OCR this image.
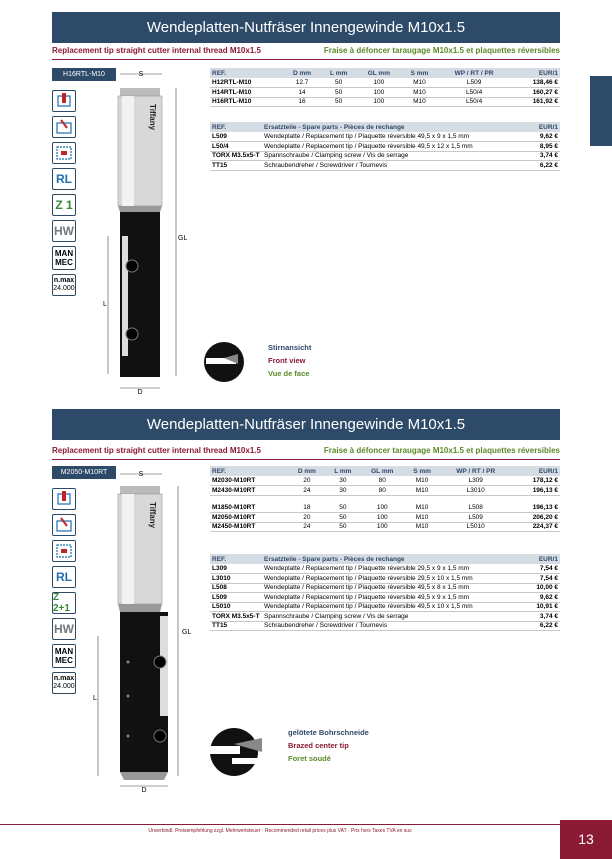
Wendeplatten-Nutfräser Innengewinde M10x1.5
Replacement tip straight cutter internal thread M10x1.5	Fraise à défoncer taraugage M10x1.5 et plaquettes réversibles
H16RTL-M10
RL
Z 1
HW
MAN
MEC
n.max
24.000
S
Tiffany
L
GL
D
Stirnansicht
Front view
Vue de face
REF.	D mm	L mm	GL mm	S mm	WP / RT / PR	EUR/1
H12RTL-M10	12.7	50	100	M10	L509	138,46 €
H14RTL-M10	14	50	100	M10	L50/4	160,27 €
H16RTL-M10	16	50	100	M10	L50/4	161,92 €
REF.	Ersatzteile - Spare parts - Pièces de rechange	EUR/1
L509	Wendeplatte / Replacement tip / Plaquette réversible 49,5 x 9 x 1,5 mm	9,62 €
L50/4	Wendeplatte / Replacement tip / Plaquette réversible 49,5 x 12 x 1,5 mm	8,95 €
TORX M3.5x5-T	Spannschraube / Clamping screw / Vis de serrage	3,74 €
TT15	Schraubendreher / Screwdriver / Tournevis	6,22 €
Wendeplatten-Nutfräser Innengewinde M10x1.5
Replacement tip straight cutter internal thread M10x1.5	Fraise à défoncer taraugage M10x1.5 et plaquettes réversibles
M2050-M10RT
RL
Z 2+1
HW
MAN
MEC
n.max
24.000
S
Tiffany
L
GL
D
gelötete Bohrschneide
Brazed center tip
Foret soudé
REF.	D mm	L mm	GL mm	S mm	WP / RT / PR	EUR/1
M2030-M10RT	20	30	80	M10	L309	178,12 €
M2430-M10RT	24	30	80	M10	L3010	196,13 €

M1850-M10RT	18	50	100	M10	L508	196,13 €
M2050-M10RT	20	50	100	M10	L509	206,20 €
M2450-M10RT	24	50	100	M10	L5010	224,37 €
REF.	Ersatzteile - Spare parts - Pièces de rechange	EUR/1
L309	Wendeplatte / Replacement tip / Plaquette réversible 29,5 x 9 x 1,5 mm	7,54 €
L3010	Wendeplatte / Replacement tip / Plaquette réversible 29,5 x 10 x 1,5 mm	7,54 €
L508	Wendeplatte / Replacement tip / Plaquette réversible 49,5 x 8 x 1,5 mm	10,00 €
L509	Wendeplatte / Replacement tip / Plaquette réversible 49,5 x 9 x 1,5 mm	9,62 €
L5010	Wendeplatte / Replacement tip / Plaquette réversible 49,5 x 10 x 1,5 mm	10,91 €
TORX M3.5x5-T	Spannschraube / Clamping screw / Vis de serrage	3,74 €
TT15	Schraubendreher / Screwdriver / Tournevis	6,22 €
Unverbindl. Preisempfehlung zzgl. Mehrwertsteuer · Recommended retail prices plus VAT · Prix hors Taxes TVA en sus	13
